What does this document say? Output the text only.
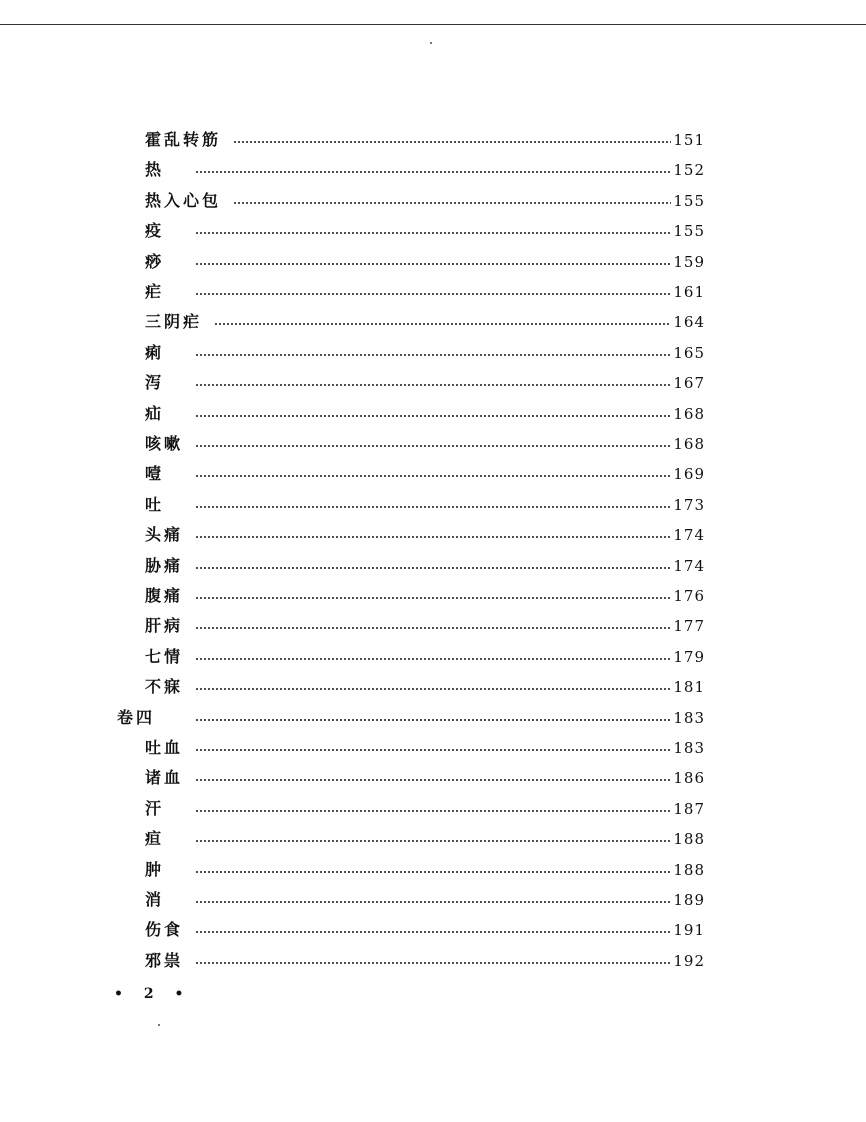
霍乱转筋	151
热	152
热入心包	155
疫	155
痧	159
疟	161
三阴疟	164
痢	165
泻	167
疝	168
咳嗽	168
噎	169
吐	173
头痛	174
胁痛	174
腹痛	176
肝病	177
七情	179
不寐	181
卷四	183
吐血	183
诸血	186
汗	187
疸	188
肿	188
消	189
伤食	191
邪祟	192
• 2 •
